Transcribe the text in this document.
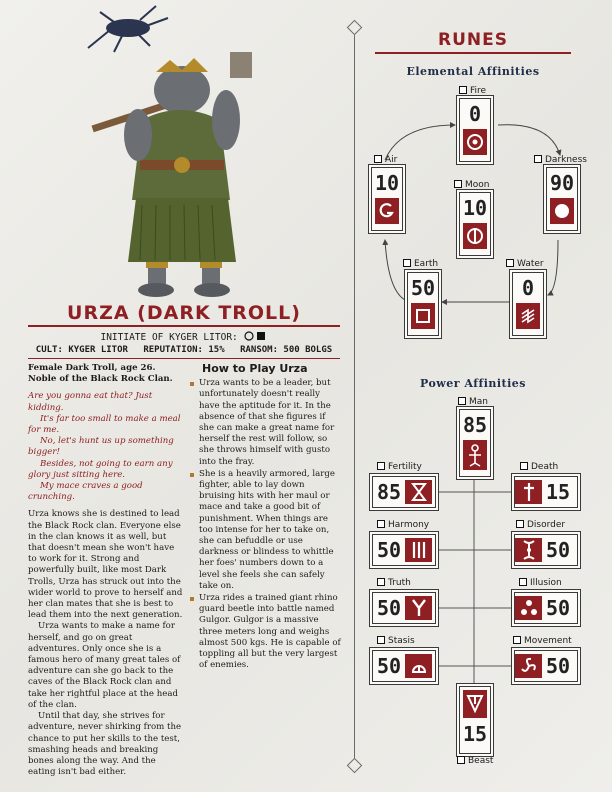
URZA (DARK TROLL)
INITIATE OF KYGER LITOR:
CULT: KYGER LITOR REPUTATION: 15% RANSOM: 500 BOLGS
Female Dark Troll, age 26. Noble of the Black Rock Clan.

Are you gonna eat that? Just kidding.

It's far too small to make a meal for me.

No, let's hunt us up something bigger!

Besides, not going to earn any glory just sitting here.

My mace craves a good crunching.

Urza knows she is destined to lead the Black Rock clan. Everyone else in the clan knows it as well, but that doesn't mean she won't have to work for it. Strong and powerfully built, like most Dark Trolls, Urza has struck out into the wider world to prove to herself and her clan mates that she is best to lead them into the next generation.

Urza wants to make a name for herself, and go on great adventures. Only once she is a famous hero of many great tales of adventure can she go back to the caves of the Black Rock clan and take her rightful place at the head of the clan.

Until that day, she strives for adventure, never shirking from the chance to put her skills to the test, smashing heads and breaking bones along the way. And the eating isn't bad either.

How to Play Urza
Urza wants to be a leader, but unfortunately doesn't really have the aptitude for it. In the absence of that she figures if she can make a great name for herself the rest will follow, so she throws himself with gusto into the fray.
She is a heavily armored, large fighter, able to lay down bruising hits with her maul or mace and take a good bit of punishment. When things are too intense for her to take on, she can befuddle or use darkness or blindess to whittle her foes' numbers down to a level she feels she can safely take on.
Urza rides a trained giant rhino guard beetle into battle named Gulgor. Gulgor is a massive three meters long and weighs almost 500 kgs. He is capable of toppling all but the very largest of enemies.
RUNES
Elemental Affinities
Fire
Air
Moon
Darkness
Earth	Water
0
10
10
90
50	0
Power Affinities
Man
85
Fertility
85
Death
15
Harmony
50
Disorder
50
Truth
50
Illusion
50
Stasis
50
Movement
50
15
Beast
